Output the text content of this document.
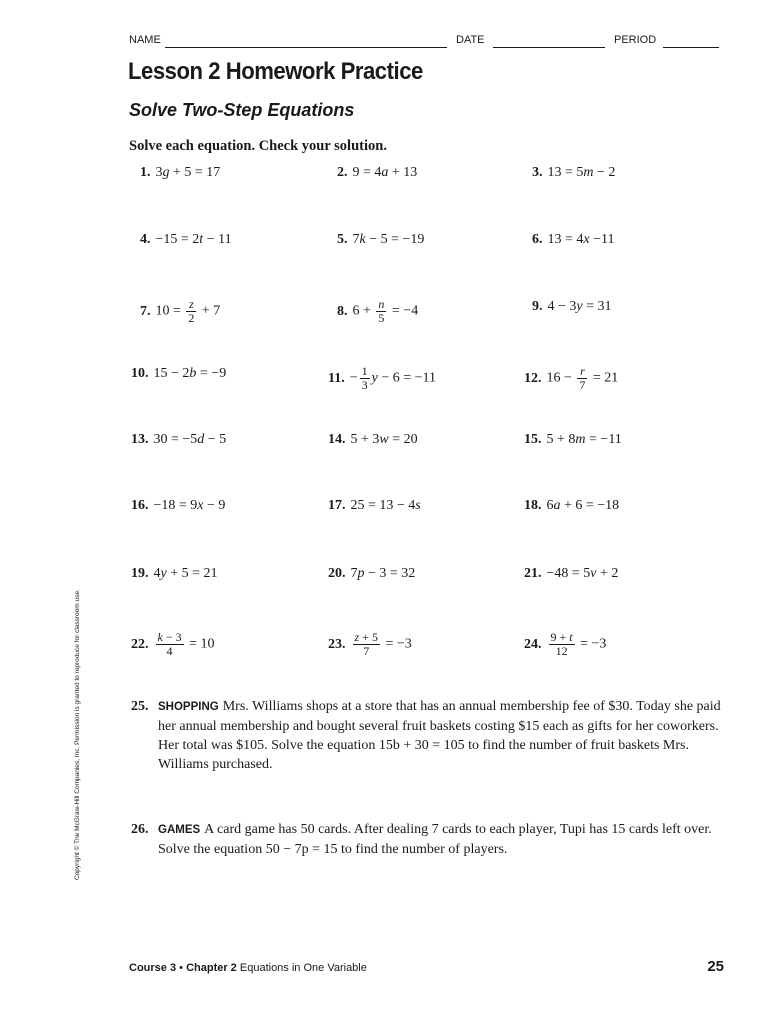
NAME	DATE	PERIOD
Lesson 2 Homework Practice
Solve Two-Step Equations
Solve each equation. Check your solution.
1. 3g + 5 = 17	2. 9 = 4a + 13	3. 13 = 5m − 2
4. −15 = 2t − 11	5. 7k − 5 = −19	6. 13 = 4x −11
7. $10 = \frac{z}{2} + 7$	8. $6 + \frac{n}{5} = -4$	9. 4 − 3y = 31
10. 15 − 2b = −9	11. − $\frac{1}{3}$ y − 6 = −11	12. $16 - \frac{r}{7} = 21$
13. 30 = −5d − 5	14. 5 + 3w = 20	15. 5 + 8m = −11
16. −18 = 9x − 9	17. 25 = 13 − 4s	18. 6a + 6 = −18
19. 4y + 5 = 21	20. 7p − 3 = 32	21. −48 = 5v + 2
22. $\frac{k - 3}{4} = 10$	23. $\frac{z + 5}{7} = -3$	24. $\frac{9 + t}{12} = -3$
25. SHOPPING Mrs. Williams shops at a store that has an annual membership fee of $30. Today she paid her annual membership and bought several fruit baskets costing $15 each as gifts for her coworkers. Her total was $105. Solve the equation 15b + 30 = 105 to find the number of fruit baskets Mrs. Williams purchased.
26. GAMES A card game has 50 cards. After dealing 7 cards to each player, Tupi has 15 cards left over. Solve the equation 50 − 7p = 15 to find the number of players.
Copyright © The McGraw-Hill Companies, Inc. Permission is granted to reproduce for classroom use.
Course 3 • Chapter 2 Equations in One Variable	25
